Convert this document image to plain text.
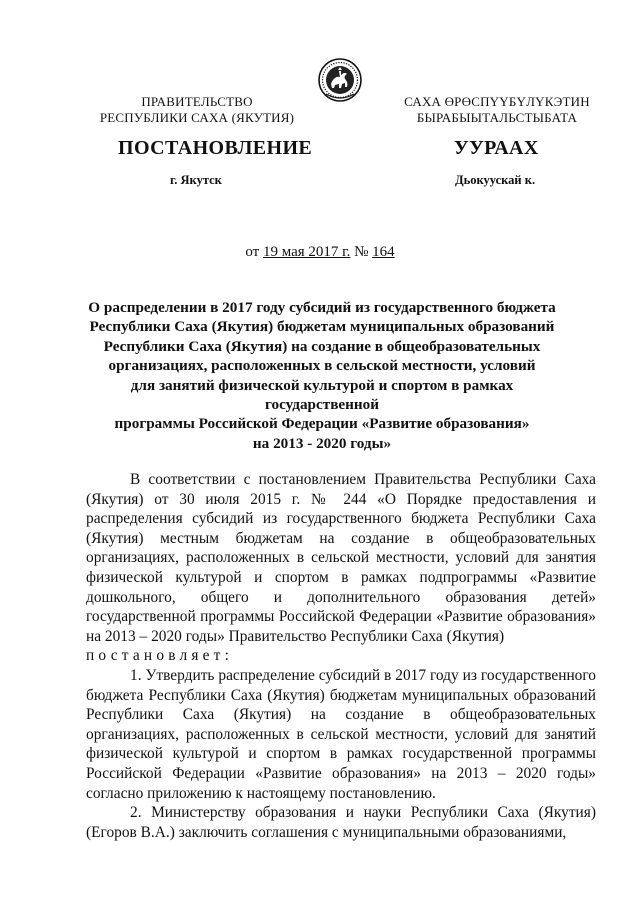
ПРАВИТЕЛЬСТВО
РЕСПУБЛИКИ САХА (ЯКУТИЯ)
САХА ӨРӨСПҮҮБҮЛҮКЭТИН
БЫРАБЫЫТАЛЬСТЫБАТА
ПОСТАНОВЛЕНИЕ	УУРААХ
г. Якутск	Дьокуускай к.
от 19 мая 2017 г. № 164
О распределении в 2017 году субсидий из государственного бюджета
Республики Саха (Якутия) бюджетам муниципальных образований
Республики Саха (Якутия) на создание в общеобразовательных
организациях, расположенных в сельской местности, условий
для занятий физической культурой и спортом в рамках государственной
программы Российской Федерации «Развитие образования»
на 2013 - 2020 годы»

В соответствии с постановлением Правительства Республики Саха (Якутия) от 30 июля 2015 г. № 244 «О Порядке предоставления и распределения субсидий из государственного бюджета Республики Саха (Якутия) местным бюджетам на создание в общеобразовательных организациях, расположенных в сельской местности, условий для занятия физической культурой и спортом в рамках подпрограммы «Развитие дошкольного, общего и дополнительного образования детей» государственной программы Российской Федерации «Развитие образования» на 2013 – 2020 годы» Правительство Республики Саха (Якутия)

постановляет:

1. Утвердить распределение субсидий в 2017 году из государственного бюджета Республики Саха (Якутия) бюджетам муниципальных образований Республики Саха (Якутия) на создание в общеобразовательных организациях, расположенных в сельской местности, условий для занятий физической культурой и спортом в рамках государственной программы Российской Федерации «Развитие образования» на 2013 – 2020 годы» согласно приложению к настоящему постановлению.

2. Министерству образования и науки Республики Саха (Якутия) (Егоров В.А.) заключить соглашения с муниципальными образованиями,
